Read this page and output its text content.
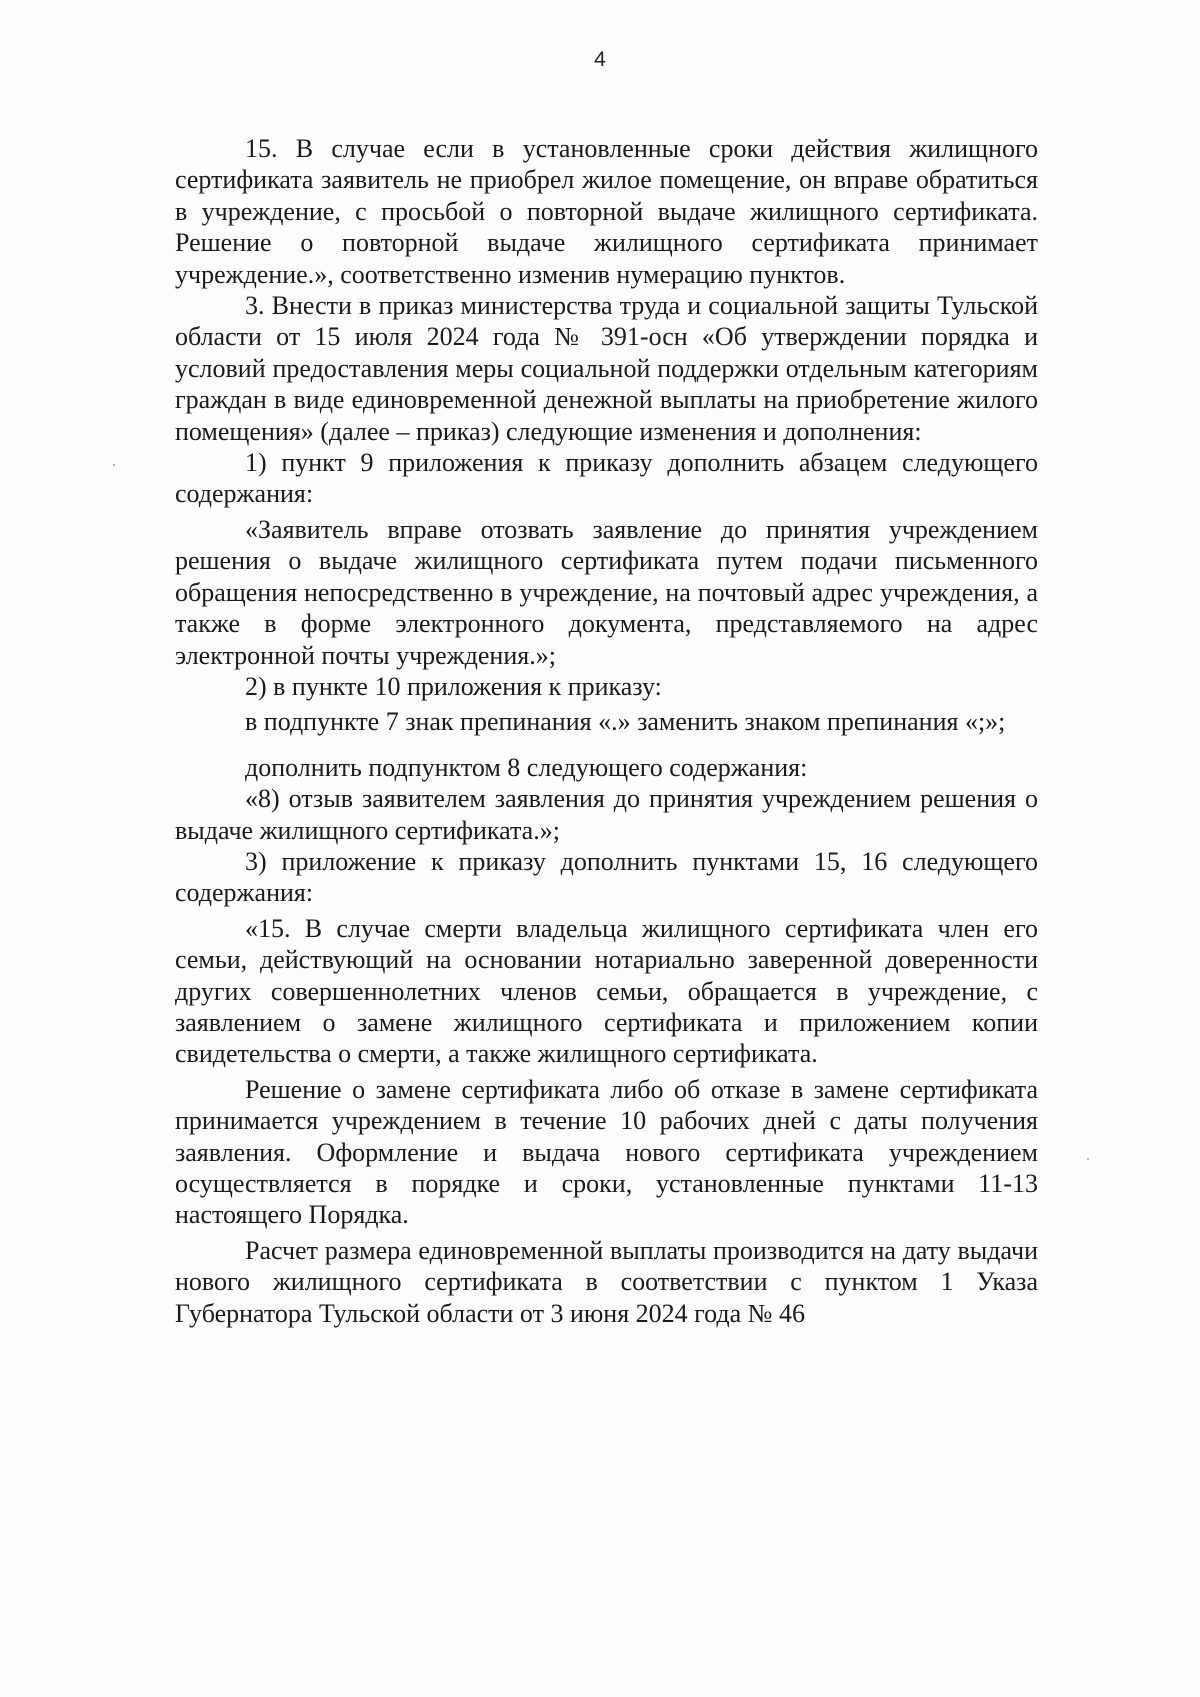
4

15. В случае если в установленные сроки действия жилищного сертификата заявитель не приобрел жилое помещение, он вправе обратиться в учреждение, с просьбой о повторной выдаче жилищного сертификата. Решение о повторной выдаче жилищного сертификата принимает учреждение.», соответственно изменив нумерацию пунктов.

3. Внести в приказ министерства труда и социальной защиты Тульской области от 15 июля 2024 года № 391-осн «Об утверждении порядка и условий предоставления меры социальной поддержки отдельным категориям граждан в виде единовременной денежной выплаты на приобретение жилого помещения» (далее – приказ) следующие изменения и дополнения:

1) пункт 9 приложения к приказу дополнить абзацем следующего содержания:

«Заявитель вправе отозвать заявление до принятия учреждением решения о выдаче жилищного сертификата путем подачи письменного обращения непосредственно в учреждение, на почтовый адрес учреждения, а также в форме электронного документа, представляемого на адрес электронной почты учреждения.»;

2) в пункте 10 приложения к приказу:

в подпункте 7 знак препинания «.» заменить знаком препинания «;»;

дополнить подпунктом 8 следующего содержания:

«8) отзыв заявителем заявления до принятия учреждением решения о выдаче жилищного сертификата.»;

3) приложение к приказу дополнить пунктами 15, 16 следующего содержания:

«15. В случае смерти владельца жилищного сертификата член его семьи, действующий на основании нотариально заверенной доверенности других совершеннолетних членов семьи, обращается в учреждение, с заявлением о замене жилищного сертификата и приложением копии свидетельства о смерти, а также жилищного сертификата.

Решение о замене сертификата либо об отказе в замене сертификата принимается учреждением в течение 10 рабочих дней с даты получения заявления. Оформление и выдача нового сертификата учреждением осуществляется в порядке и сроки, установленные пунктами 11-13 настоящего Порядка.

Расчет размера единовременной выплаты производится на дату выдачи нового жилищного сертификата в соответствии с пунктом 1 Указа Губернатора Тульской области от 3 июня 2024 года № 46
